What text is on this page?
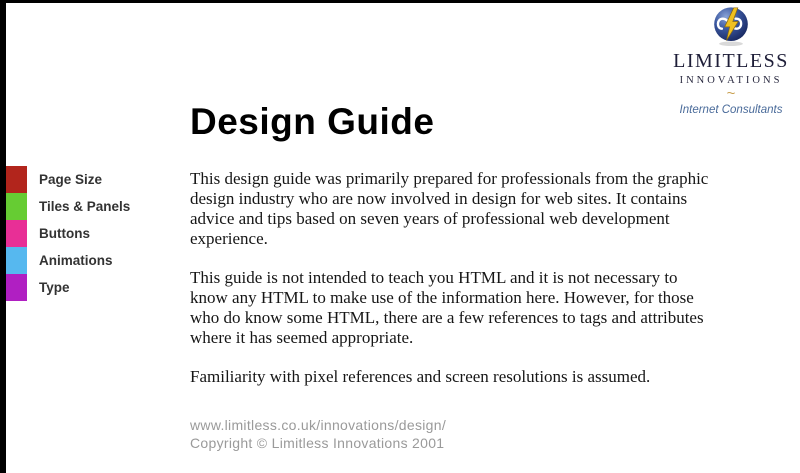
LIMITLESS
INNOVATIONS
~
Internet Consultants
Page Size
Tiles & Panels
Buttons
Animations
Type
Design Guide

This design guide was primarily prepared for professionals from the graphic design industry who are now involved in design for web sites. It contains advice and tips based on seven years of professional web development experience.

This guide is not intended to teach you HTML and it is not necessary to know any HTML to make use of the information here. However, for those who do know some HTML, there are a few references to tags and attributes where it has seemed appropriate.

Familiarity with pixel references and screen resolutions is assumed.

www.limitless.co.uk/innovations/design/
Copyright © Limitless Innovations 2001
